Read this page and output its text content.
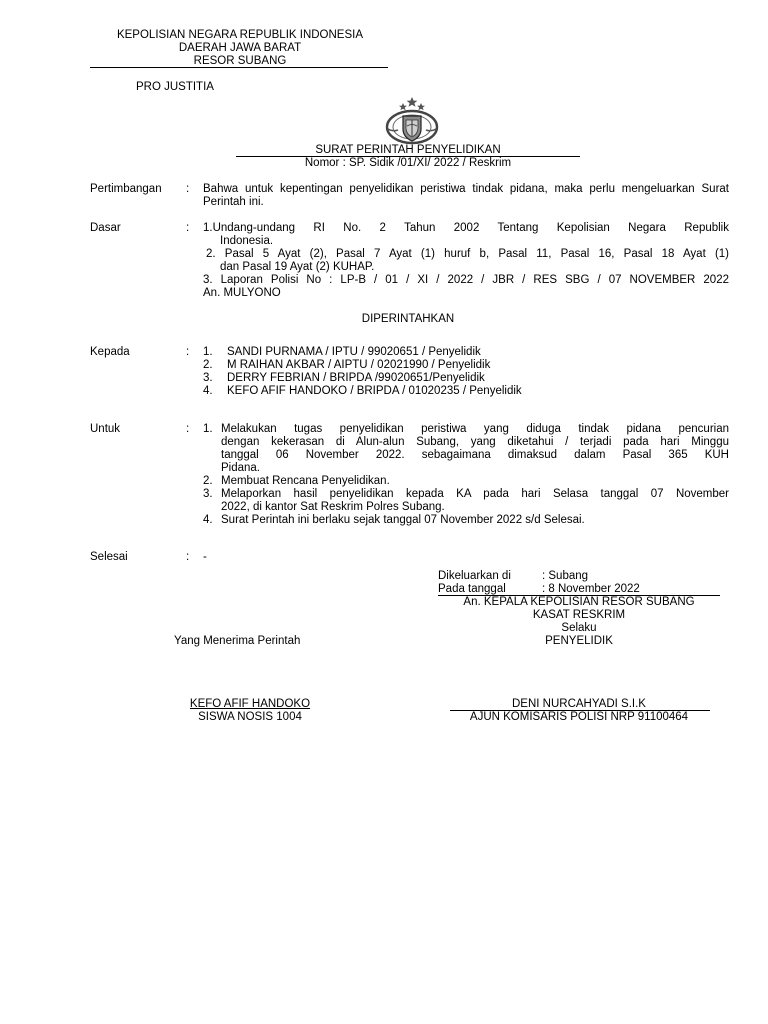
KEPOLISIAN NEGARA REPUBLIK INDONESIA
DAERAH JAWA BARAT
RESOR SUBANG
PRO JUSTITIA
SURAT PERINTAH PENYELIDIKAN
Nomor : SP. Sidik /01/XI/ 2022 / Reskrim
Pertimbangan : Bahwa untuk kepentingan penyelidikan peristiwa tindak pidana, maka perlu mengeluarkan Surat Perintah ini.
Dasar	: 1.Undang-undang RI No. 2 Tahun 2002 Tentang Kepolisian Negara Republik
Indonesia.
2. Pasal 5 Ayat (2), Pasal 7 Ayat (1) huruf b, Pasal 11, Pasal 16, Pasal 18 Ayat (1)
dan Pasal 19 Ayat (2) KUHAP.
3. Laporan Polisi No : LP-B / 01 / XI / 2022 / JBR / RES SBG / 07 NOVEMBER 2022
An. MULYONO
DIPERINTAHKAN
Kepada	: 1. SANDI PURNAMA / IPTU / 99020651 / Penyelidik
2. M RAIHAN AKBAR / AIPTU / 02021990 / Penyelidik
3. DERRY FEBRIAN / BRIPDA /99020651/Penyelidik
4. KEFO AFIF HANDOKO / BRIPDA / 01020235 / Penyelidik
Untuk	: 1. Melakukan tugas penyelidikan peristiwa yang diduga tindak pidana pencurian
dengan kekerasan di Alun-alun Subang, yang diketahui / terjadi pada hari Minggu
tanggal 06 November 2022. sebagaimana dimaksud dalam Pasal 365 KUH
Pidana.
2. Membuat Rencana Penyelidikan.
3. Melaporkan hasil penyelidikan kepada KA pada hari Selasa tanggal 07 November
2022, di kantor Sat Reskrim Polres Subang.
4. Surat Perintah ini berlaku sejak tanggal 07 November 2022 s/d Selesai.
Selesai	: -
Dikeluarkan di	: Subang
Pada tanggal	: 8 November 2022
An. KEPALA KEPOLISIAN RESOR SUBANG
KASAT RESKRIM
Selaku
PENYELIDIK
Yang Menerima Perintah
KEFO AFIF HANDOKO
SISWA NOSIS 1004
DENI NURCAHYADI S.I.K
AJUN KOMISARIS POLISI NRP 91100464
